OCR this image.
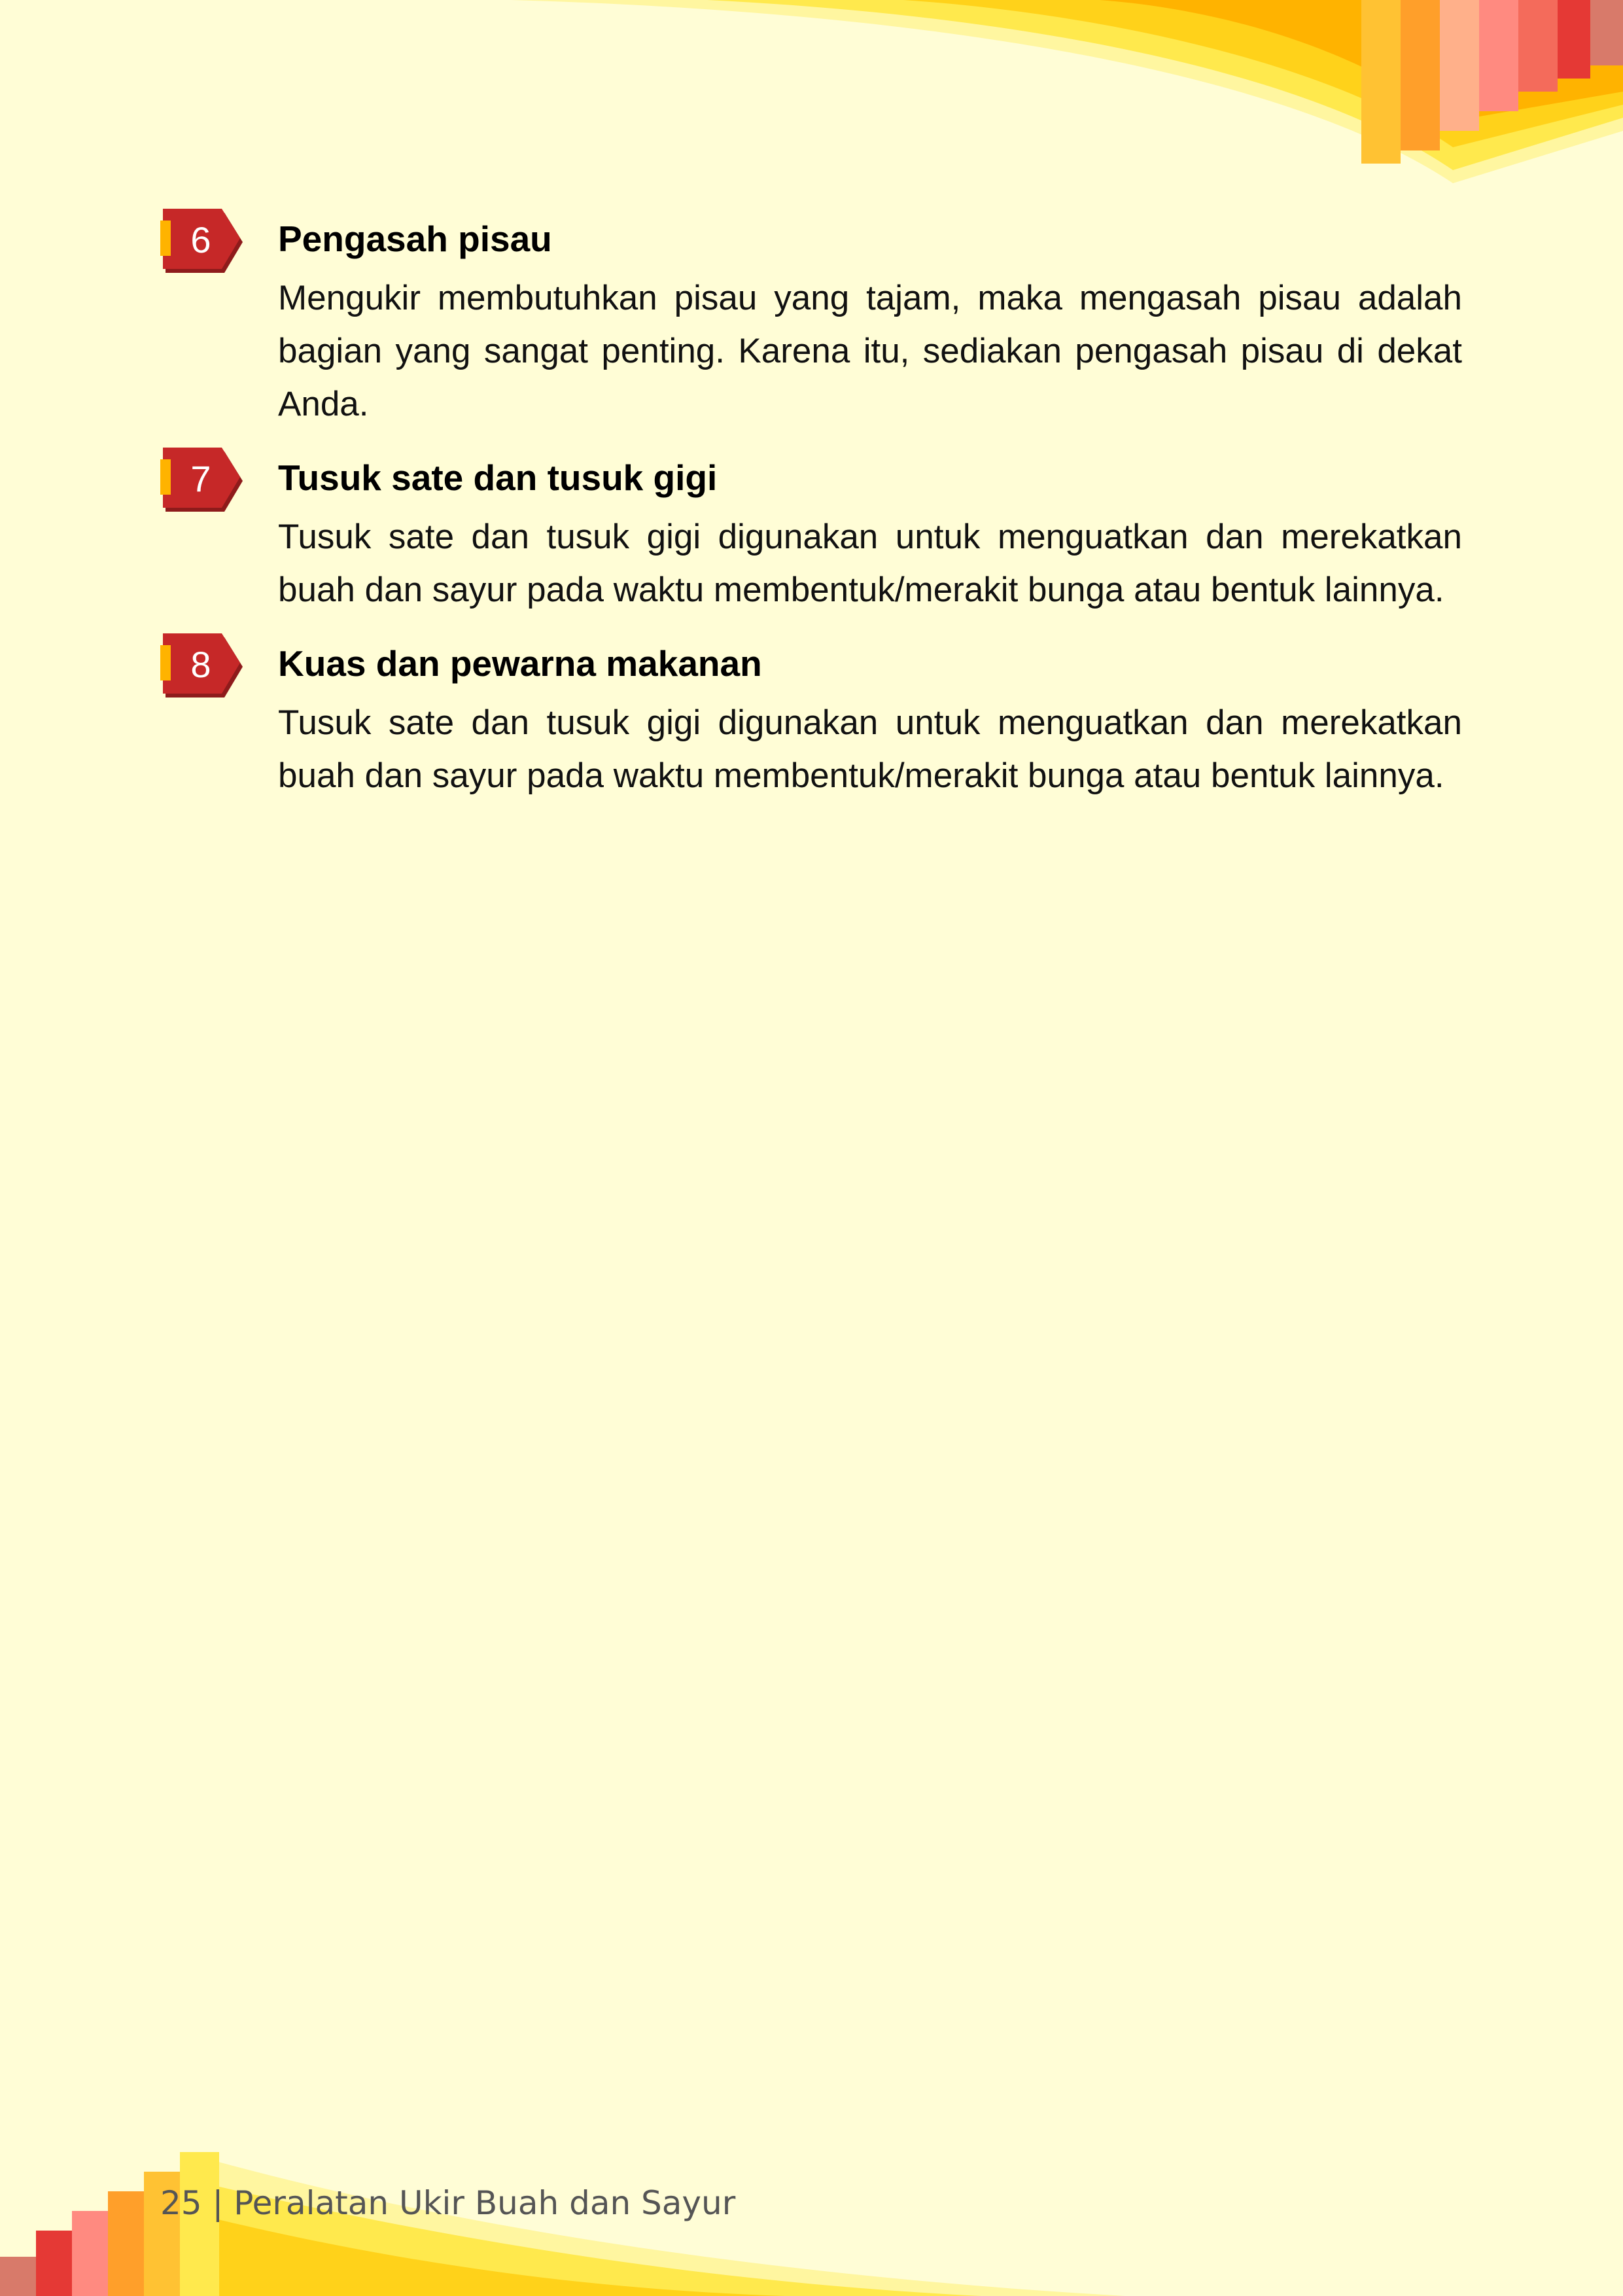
6	Pengasah pisau

Mengukir membutuhkan pisau yang tajam, maka mengasah pisau adalah bagian yang sangat penting. Karena itu, sediakan pengasah pisau di dekat Anda.

7	Tusuk sate dan tusuk gigi

Tusuk sate dan tusuk gigi digunakan untuk menguatkan dan merekatkan buah dan sayur pada waktu membentuk/merakit bunga atau bentuk lainnya.

8	Kuas dan pewarna makanan

Tusuk sate dan tusuk gigi digunakan untuk menguatkan dan merekatkan buah dan sayur pada waktu membentuk/merakit bunga atau bentuk lainnya.

25 | Peralatan Ukir Buah dan Sayur
